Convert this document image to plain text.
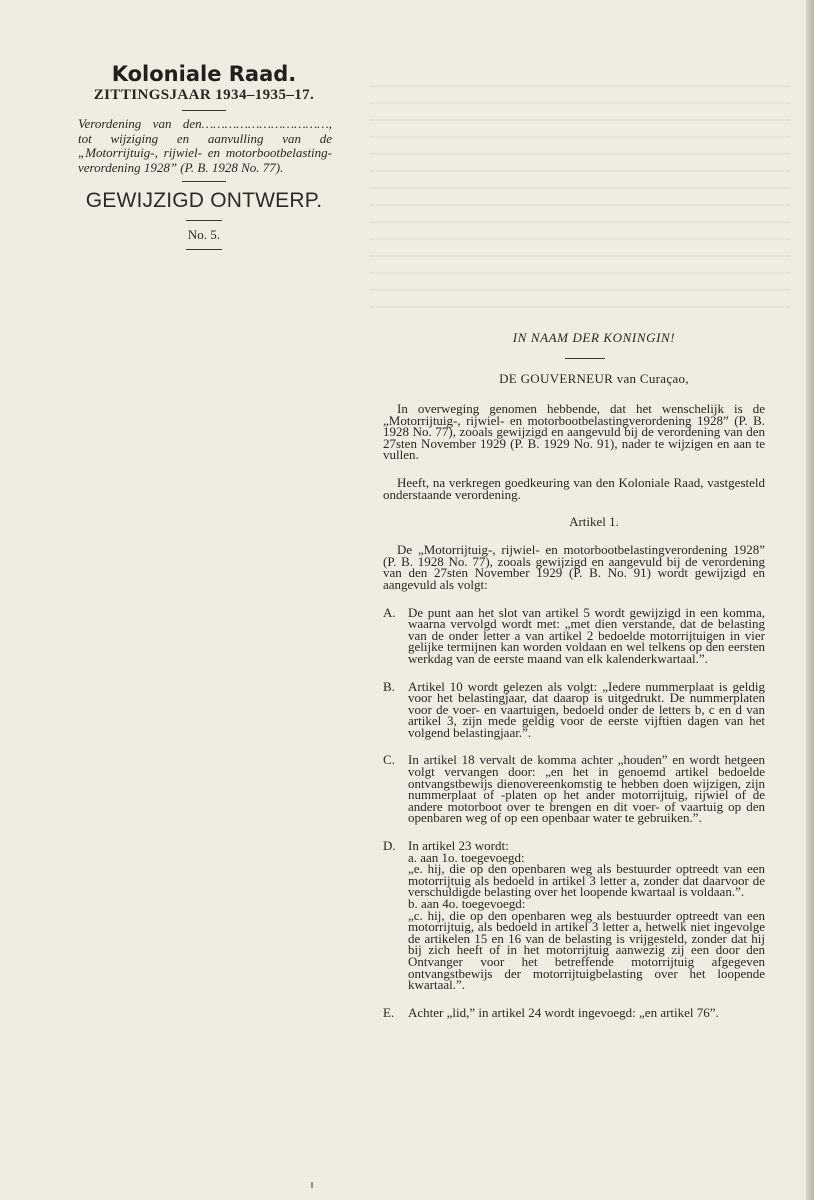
Koloniale Raad.
ZITTINGSJAAR 1934–1935–17.
Verordening van den……………………………, tot wijziging en aanvulling van de „Motorrijtuig-, rijwiel- en motorbootbelasting-verordening 1928” (P. B. 1928 No. 77).
GEWIJZIGD ONTWERP.
No. 5.
IN NAAM DER KONINGIN!
DE GOUVERNEUR van Curaçao,

In overweging genomen hebbende, dat het wenschelijk is de „Motorrijtuig-, rijwiel- en motorbootbelastingverordening 1928” (P. B. 1928 No. 77), zooals gewijzigd en aangevuld bij de verordening van den 27sten November 1929 (P. B. 1929 No. 91), nader te wijzigen en aan te vullen.

Heeft, na verkregen goedkeuring van den Koloniale Raad, vastgesteld onderstaande verordening.

Artikel 1.

De „Motorrijtuig-, rijwiel- en motorbootbelastingverordening 1928” (P. B. 1928 No. 77), zooals gewijzigd en aangevuld bij de verordening van den 27sten November 1929 (P. B. No. 91) wordt gewijzigd en aangevuld als volgt:

A. De punt aan het slot van artikel 5 wordt gewijzigd in een komma, waarna vervolgd wordt met: „met dien verstande, dat de belasting van de onder letter a van artikel 2 bedoelde motorrijtuigen in vier gelijke termijnen kan worden voldaan en wel telkens op den eersten werkdag van de eerste maand van elk kalenderkwartaal.”.

B. Artikel 10 wordt gelezen als volgt: „Iedere nummerplaat is geldig voor het belastingjaar, dat daarop is uitgedrukt. De nummerplaten voor de voer- en vaartuigen, bedoeld onder de letters b, c en d van artikel 3, zijn mede geldig voor de eerste vijftien dagen van het volgend belastingjaar.”.

C. In artikel 18 vervalt de komma achter „houden” en wordt hetgeen volgt vervangen door: „en het in genoemd artikel bedoelde ontvangstbewijs dienovereenkomstig te hebben doen wijzigen, zijn nummerplaat of -platen op het ander motorrijtuig, rijwiel of de andere motorboot over te brengen en dit voer- of vaartuig op den openbaren weg of op een openbaar water te gebruiken.”.

D. In artikel 23 wordt:

a. aan 1o. toegevoegd:

„e. hij, die op den openbaren weg als bestuurder optreedt van een motorrijtuig als bedoeld in artikel 3 letter a, zonder dat daarvoor de verschuldigde belasting over het loopende kwartaal is voldaan.”.

b. aan 4o. toegevoegd:

„c. hij, die op den openbaren weg als bestuurder optreedt van een motorrijtuig, als bedoeld in artikel 3 letter a, hetwelk niet ingevolge de artikelen 15 en 16 van de belasting is vrijgesteld, zonder dat hij bij zich heeft of in het motorrijtuig aanwezig zij een door den Ontvanger voor het betreffende motorrijtuig afgegeven ontvangstbewijs der motorrijtuigbelasting over het loopende kwartaal.”.

E. Achter „lid,” in artikel 24 wordt ingevoegd: „en artikel 76”.
